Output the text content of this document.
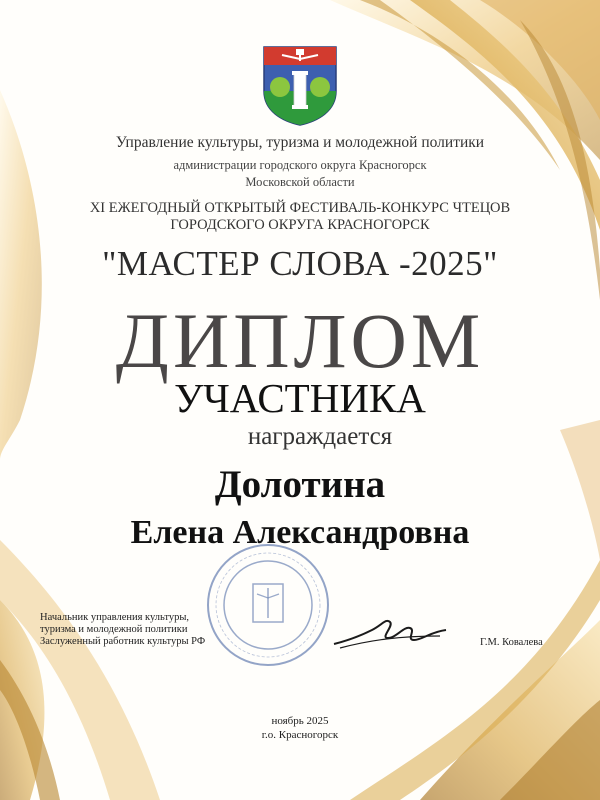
Управление культуры, туризма и молодежной политики
администрации городского округа Красногорск
Московской области
XI ЕЖЕГОДНЫЙ ОТКРЫТЫЙ ФЕСТИВАЛЬ-КОНКУРС ЧТЕЦОВ
ГОРОДСКОГО ОКРУГА КРАСНОГОРСК
"МАСТЕР СЛОВА -2025"
ДИПЛОМ
УЧАСТНИКА
награждается
Долотина
Елена Александровна
Начальник управления культуры,
туризма и молодежной политики
Заслуженный работник культуры РФ	Г.М. Ковалева
ноябрь 2025
г.о. Красногорск
